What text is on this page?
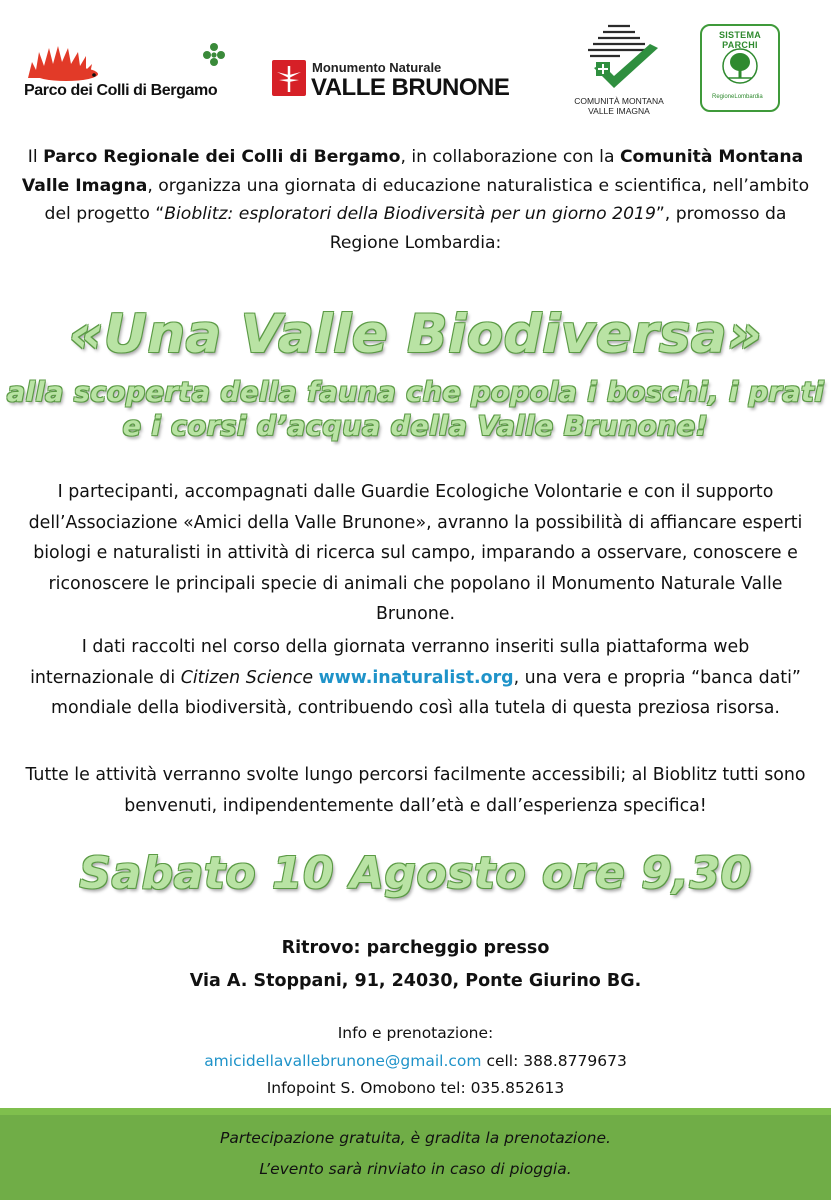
Parco dei Colli di Bergamo
Monumento Naturale
VALLE BRUNONE	COMUNITÀ MONTANA
VALLE IMAGNA
SISTEMA PARCHI
RegioneLombardia
Il Parco Regionale dei Colli di Bergamo, in collaborazione con la Comunità Montana Valle Imagna, organizza una giornata di educazione naturalistica e scientifica, nell’ambito del progetto “Bioblitz: esploratori della Biodiversità per un giorno 2019”, promosso da Regione Lombardia:
«Una Valle Biodiversa»
alla scoperta della fauna che popola i boschi, i prati e i corsi d’acqua della Valle Brunone!
I partecipanti, accompagnati dalle Guardie Ecologiche Volontarie e con il supporto dell’Associazione «Amici della Valle Brunone», avranno la possibilità di affiancare esperti biologi e naturalisti in attività di ricerca sul campo, imparando a osservare, conoscere e riconoscere le principali specie di animali che popolano il Monumento Naturale Valle Brunone.
I dati raccolti nel corso della giornata verranno inseriti sulla piattaforma web internazionale di Citizen Science www.inaturalist.org, una vera e propria “banca dati” mondiale della biodiversità, contribuendo così alla tutela di questa preziosa risorsa.
Tutte le attività verranno svolte lungo percorsi facilmente accessibili; al Bioblitz tutti sono benvenuti, indipendentemente dall’età e dall’esperienza specifica!
Sabato 10 Agosto ore 9,30
Ritrovo: parcheggio presso
Via A. Stoppani, 91, 24030, Ponte Giurino BG.
Info e prenotazione:
amicidellavallebrunone@gmail.com cell: 388.8779673
Infopoint S. Omobono tel: 035.852613
Partecipazione gratuita, è gradita la prenotazione.
L’evento sarà rinviato in caso di pioggia.
